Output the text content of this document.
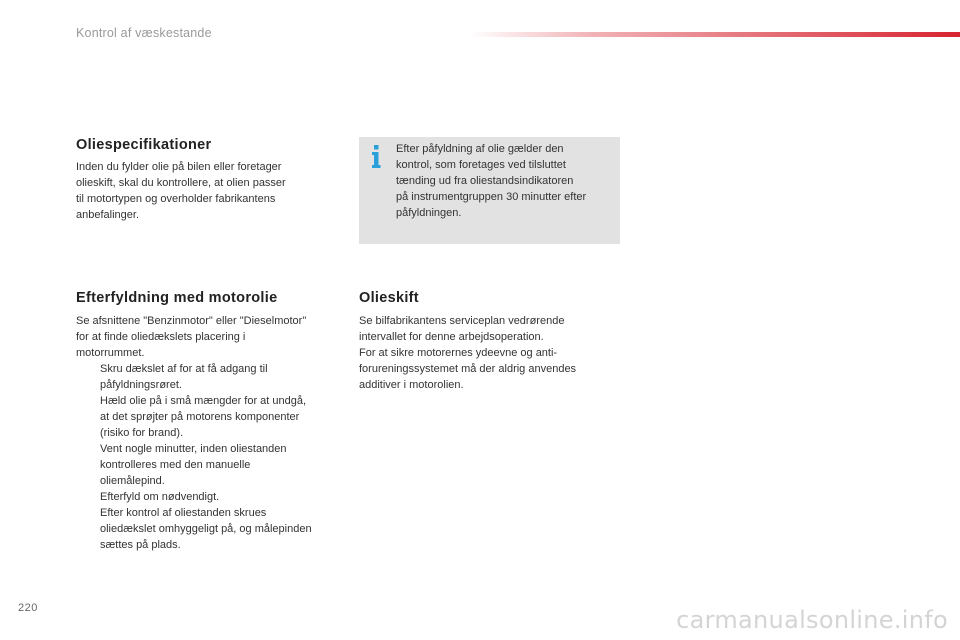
Kontrol af væskestande
Oliespecifikationer
Inden du fylder olie på bilen eller foretager
olieskift, skal du kontrollere, at olien passer
til motortypen og overholder fabrikantens
anbefalinger.
Efter påfyldning af olie gælder den
kontrol, som foretages ved tilsluttet
tænding ud fra oliestandsindikatoren
på instrumentgruppen 30 minutter efter
påfyldningen.
Efterfyldning med motorolie
Se afsnittene "Benzinmotor" eller "Dieselmotor"
for at finde oliedækslets placering i
motorrummet.
Skru dækslet af for at få adgang til
påfyldningsrøret.
Hæld olie på i små mængder for at undgå,
at det sprøjter på motorens komponenter
(risiko for brand).
Vent nogle minutter, inden oliestanden
kontrolleres med den manuelle
oliemålepind.
Efterfyld om nødvendigt.
Efter kontrol af oliestanden skrues
oliedækslet omhyggeligt på, og målepinden
sættes på plads.
Olieskift
Se bilfabrikantens serviceplan vedrørende
intervallet for denne arbejdsoperation.
For at sikre motorernes ydeevne og anti-
forureningssystemet må der aldrig anvendes
additiver i motorolien.
220	carmanualsonline.info
